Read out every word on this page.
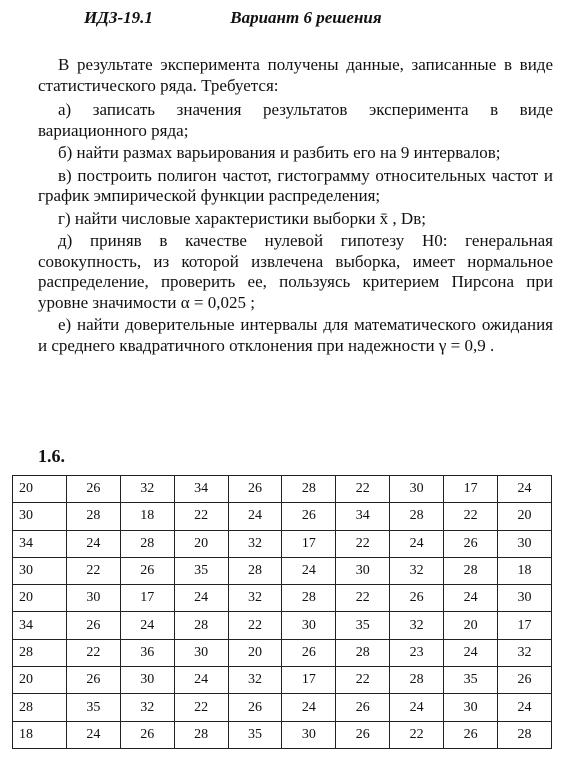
ИДЗ-19.1	Вариант 6 решения

В результате эксперимента получены данные, записанные в виде статистического ряда. Требуется:

а) записать значения результатов эксперимента в виде вариационного ряда;

б) найти размах варьирования и разбить его на 9 интервалов;

в) построить полигон частот, гистограмму относительных частот и график эмпирической функции распределения;

г) найти числовые характеристики выборки x̄ , Dв;

д) приняв в качестве нулевой гипотезу H0: генеральная совокупность, из которой извлечена выборка, имеет нормальное распределение, проверить ее, пользуясь критерием Пирсона при уровне значимости α = 0,025 ;

е) найти доверительные интервалы для математического ожидания и среднего квадратичного отклонения при надежности γ = 0,9 .

1.6.
20	26	32	34	26	28	22	30	17	24
30	28	18	22	24	26	34	28	22	20
34	24	28	20	32	17	22	24	26	30
30	22	26	35	28	24	30	32	28	18
20	30	17	24	32	28	22	26	24	30
34	26	24	28	22	30	35	32	20	17
28	22	36	30	20	26	28	23	24	32
20	26	30	24	32	17	22	28	35	26
28	35	32	22	26	24	26	24	30	24
18	24	26	28	35	30	26	22	26	28
